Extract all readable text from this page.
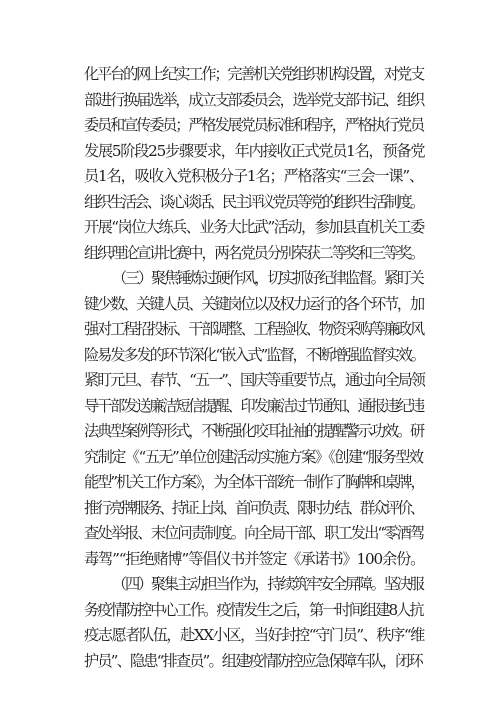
化平台的网上纪实工作；完善机关党组织机构设置，对党支
部进行换届选举，成立支部委员会，选举党支部书记、组织
委员和宣传委员；严格发展党员标准和程序，严格执行党员
发展5阶段25步骤要求，年内接收正式党员1名，预备党
员1名，吸收入党积极分子1名；严格落实“三会一课”、
组织生活会、谈心谈话、民主评议党员等党的组织生活制度。
开展“岗位大练兵、业务大比武”活动，参加县直机关工委
组织理论宣讲比赛中，两名党员分别荣获二等奖和三等奖。
（三）聚焦锤炼过硬作风，切实抓好纪律监督。紧盯关
键少数、关键人员、关键岗位以及权力运行的各个环节，加
强对工程招投标、干部调整、工程验收、物资采购等廉政风
险易发多发的环节深化“嵌入式”监督，不断增强监督实效。
紧盯元旦、春节、“五一”、国庆等重要节点，通过向全局领
导干部发送廉洁短信提醒、印发廉洁过节通知、通报违纪违
法典型案例等形式，不断强化咬耳扯袖的提醒警示功效。研
究制定《“五无”单位创建活动实施方案》《创建“服务型效
能型”机关工作方案》，为全体干部统一制作了胸牌和桌牌，
推行亮牌服务、持证上岗、首问负责、限时办结、群众评价、
查处举报、末位问责制度。向全局干部、职工发出“零酒驾
毒驾”“拒绝赌博”等倡仪书并签定《承诺书》100余份。
（四）聚集主动担当作为，持续筑牢安全屏障。坚决服
务疫情防控中心工作。疫情发生之后，第一时间组建8人抗
疫志愿者队伍，赴XX小区，当好封控“守门员”、秩序“维
护员”、隐患“排查员”。组建疫情防控应急保障车队，闭环
